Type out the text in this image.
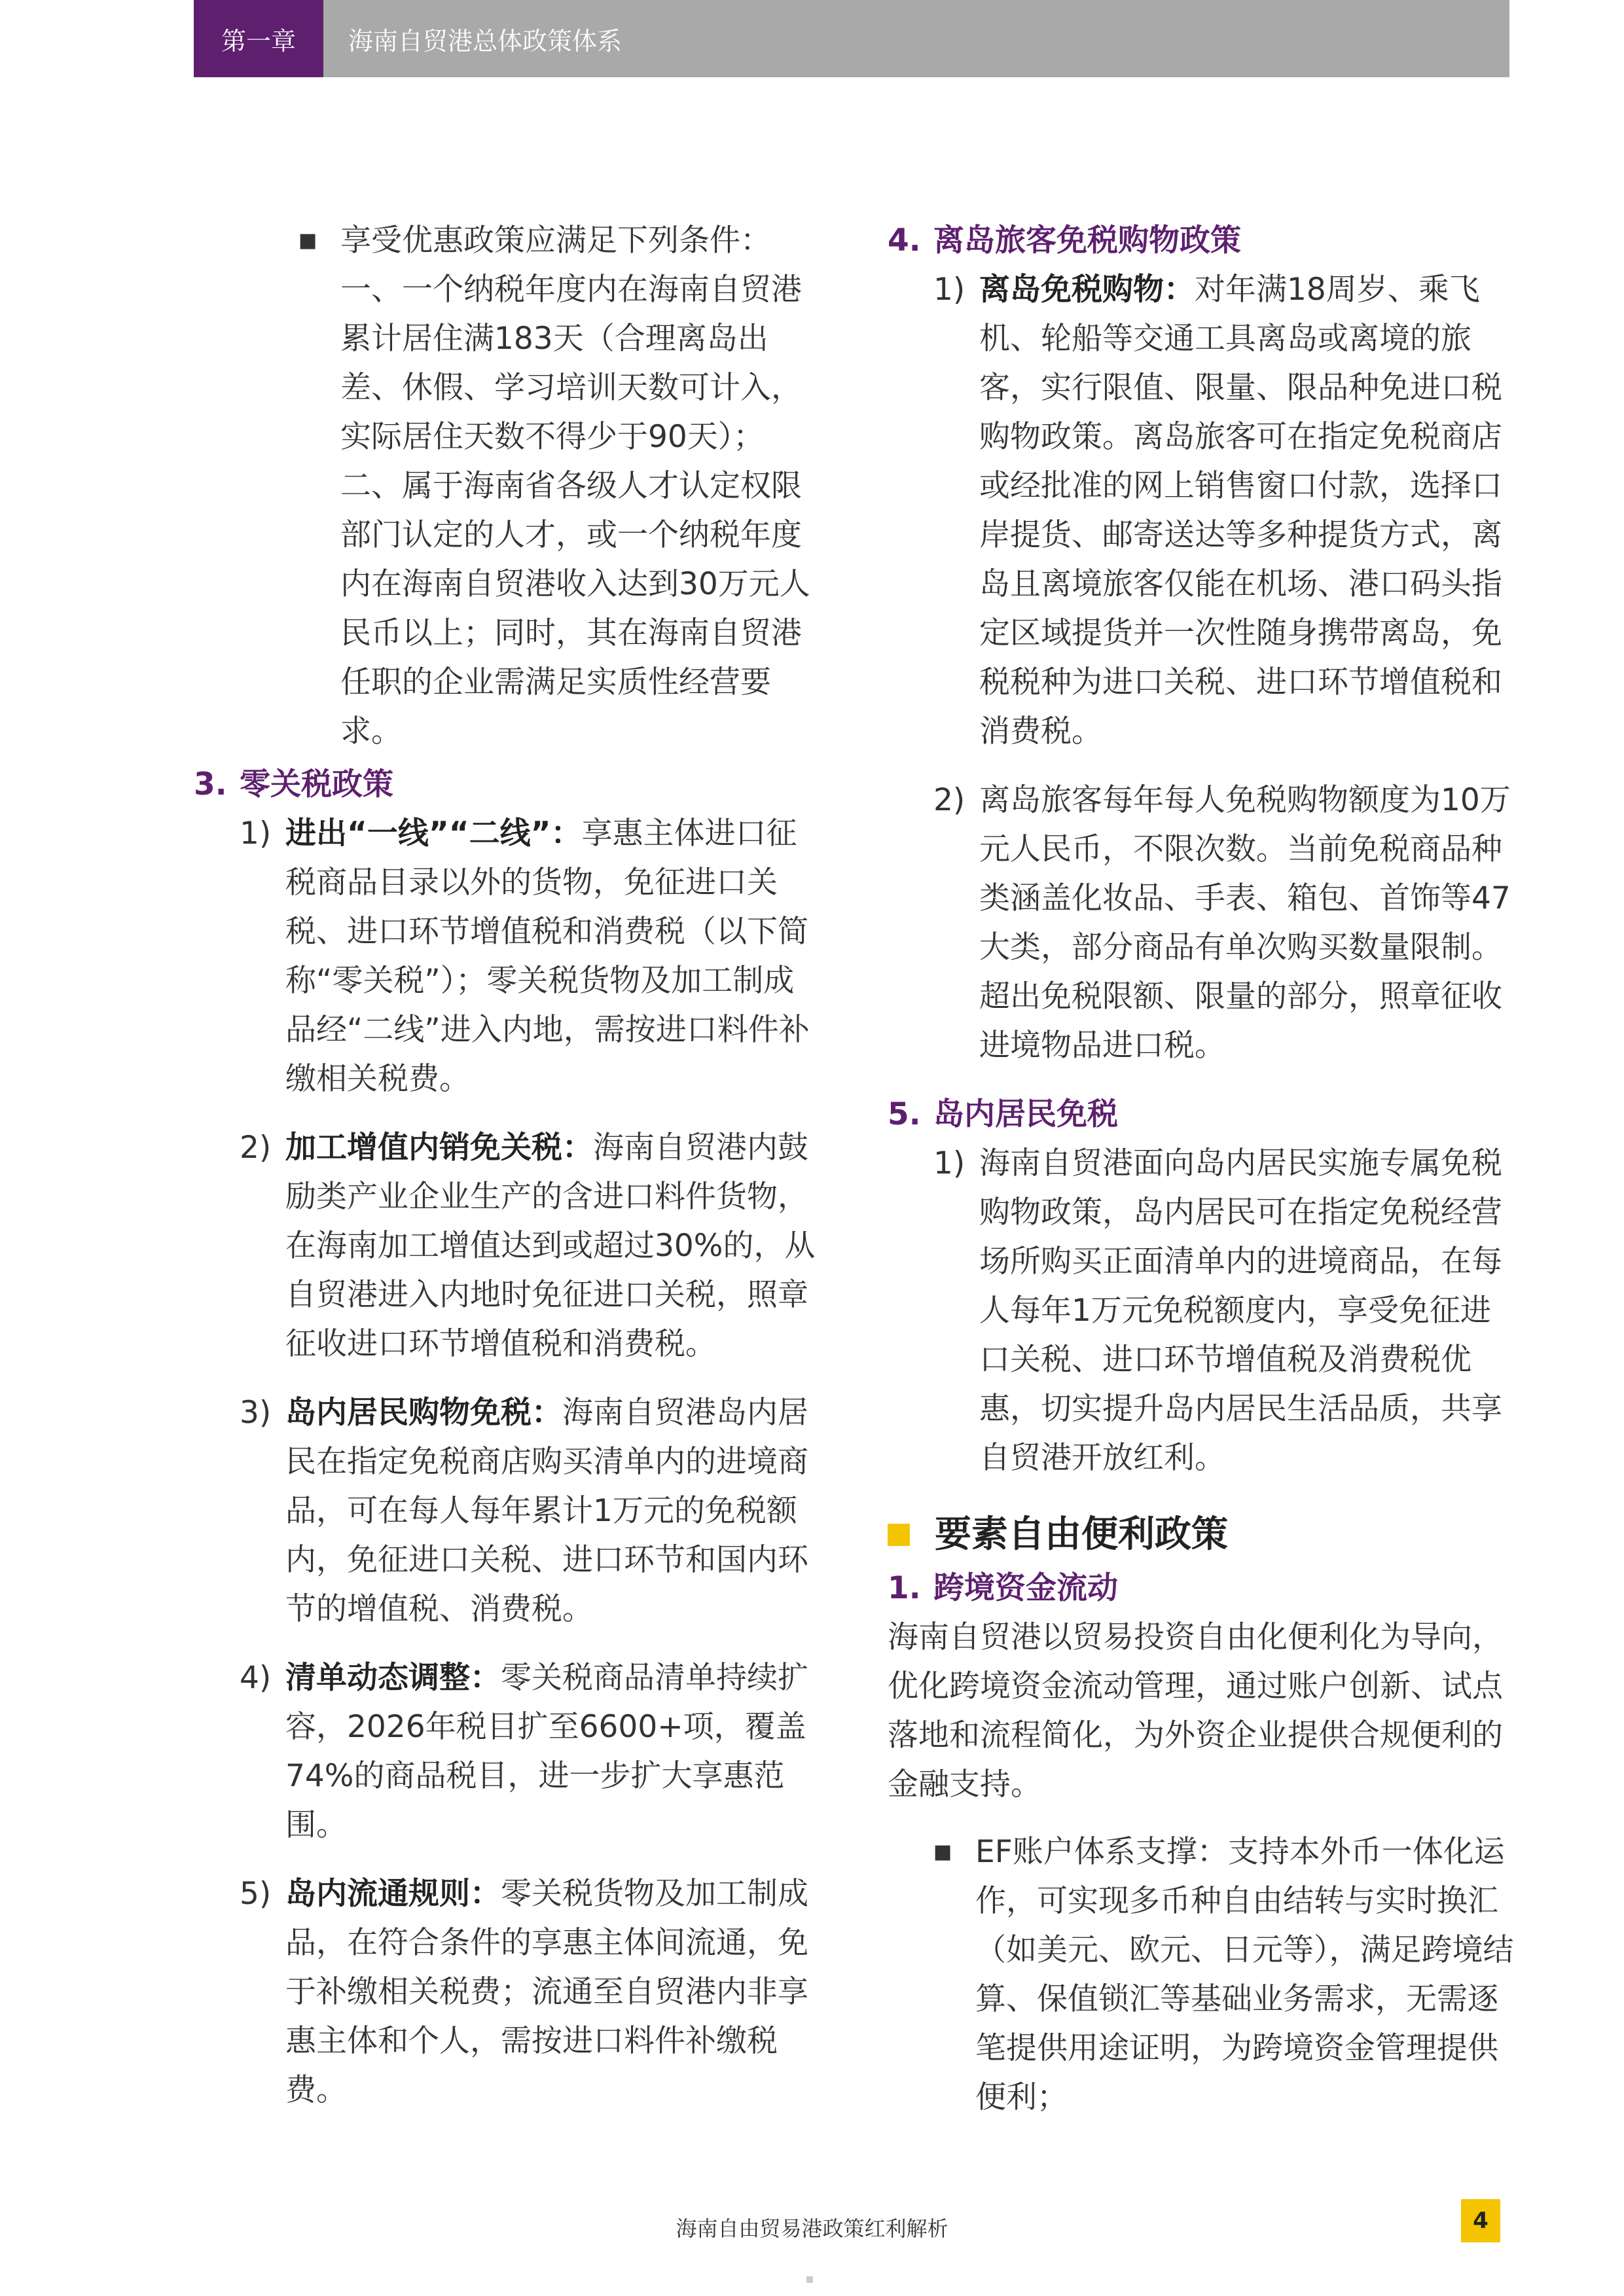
第一章	海南自贸港总体政策体系
■ 享受优惠政策应满足下列条件：一、一个纳税年度内在海南自贸港累计居住满183天（合理离岛出差、休假、学习培训天数可计入，实际居住天数不得少于90天）；二、属于海南省各级人才认定权限部门认定的人才，或一个纳税年度内在海南自贸港收入达到30万元人民币以上；同时，其在海南自贸港任职的企业需满足实质性经营要求。
3. 零关税政策
1) 进出“一线”“二线”：享惠主体进口征税商品目录以外的货物，免征进口关税、进口环节增值税和消费税（以下简称“零关税”）；零关税货物及加工制成品经“二线”进入内地，需按进口料件补缴相关税费。
2) 加工增值内销免关税：海南自贸港内鼓励类产业企业生产的含进口料件货物，在海南加工增值达到或超过30%的，从自贸港进入内地时免征进口关税，照章征收进口环节增值税和消费税。
3) 岛内居民购物免税：海南自贸港岛内居民在指定免税商店购买清单内的进境商品，可在每人每年累计1万元的免税额内，免征进口关税、进口环节和国内环节的增值税、消费税。
4) 清单动态调整：零关税商品清单持续扩容，2026年税目扩至6600+项，覆盖74%的商品税目，进一步扩大享惠范围。
5) 岛内流通规则：零关税货物及加工制成品，在符合条件的享惠主体间流通，免于补缴相关税费；流通至自贸港内非享惠主体和个人，需按进口料件补缴税费。
4. 离岛旅客免税购物政策
1) 离岛免税购物：对年满18周岁、乘飞机、轮船等交通工具离岛或离境的旅客，实行限值、限量、限品种免进口税购物政策。离岛旅客可在指定免税商店或经批准的网上销售窗口付款，选择口岸提货、邮寄送达等多种提货方式，离岛且离境旅客仅能在机场、港口码头指定区域提货并一次性随身携带离岛，免税税种为进口关税、进口环节增值税和消费税。
2) 离岛旅客每年每人免税购物额度为10万元人民币，不限次数。当前免税商品种类涵盖化妆品、手表、箱包、首饰等47大类，部分商品有单次购买数量限制。超出免税限额、限量的部分，照章征收进境物品进口税。
5. 岛内居民免税
1) 海南自贸港面向岛内居民实施专属免税购物政策，岛内居民可在指定免税经营场所购买正面清单内的进境商品，在每人每年1万元免税额度内，享受免征进口关税、进口环节增值税及消费税优惠，切实提升岛内居民生活品质，共享自贸港开放红利。
要素自由便利政策
1. 跨境资金流动

海南自贸港以贸易投资自由化便利化为导向，优化跨境资金流动管理，通过账户创新、试点落地和流程简化，为外资企业提供合规便利的金融支持。

■ EF账户体系支撑：支持本外币一体化运作，可实现多币种自由结转与实时换汇（如美元、欧元、日元等），满足跨境结算、保值锁汇等基础业务需求，无需逐笔提供用途证明，为跨境资金管理提供便利；
海南自由贸易港政策红利解析	4
